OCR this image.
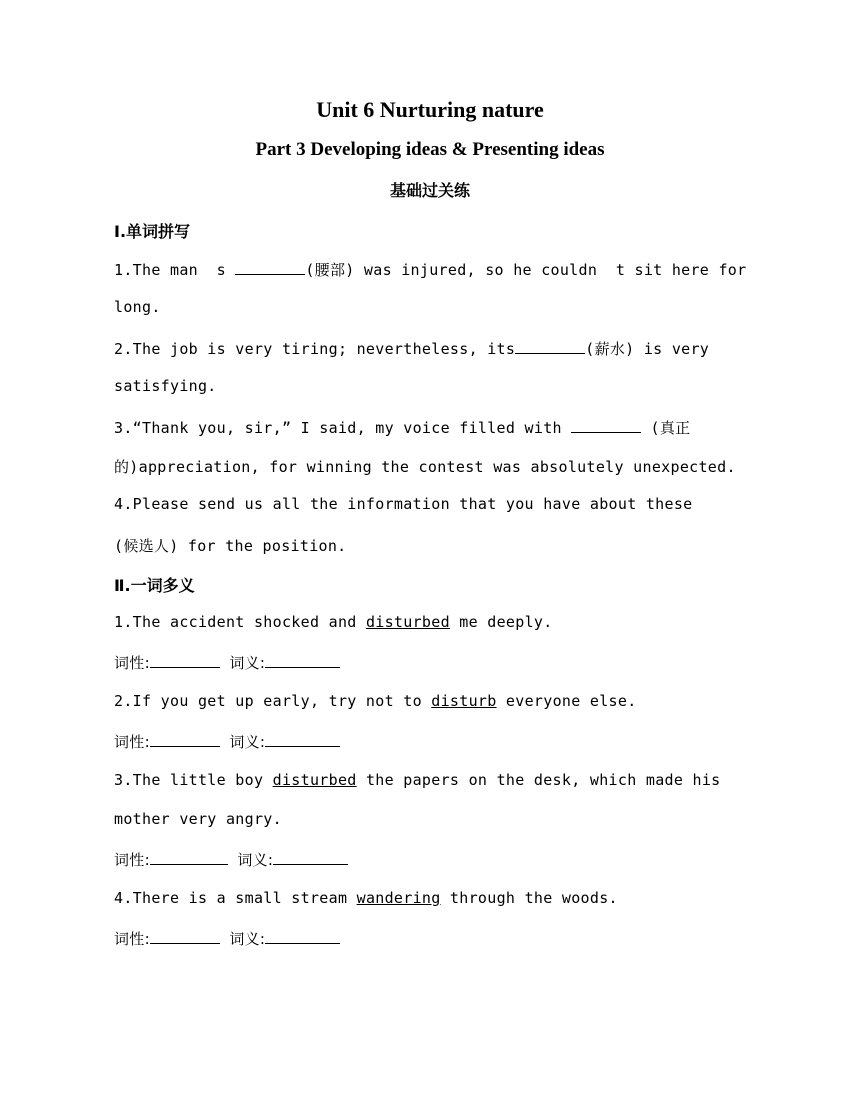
Unit 6 Nurturing nature
Part 3 Developing ideas & Presenting ideas
基础过关练
Ⅰ.单词拼写
1.The man  s	(腰部) was injured, so he couldn  t sit here for
long.
2.The job is very tiring; nevertheless, its	(薪水) is very
satisfying.
3.“Thank you, sir,” I said, my voice filled with	(真正
的)appreciation, for winning the contest was absolutely unexpected.
4.Please send us all the information that you have about these
(候选人) for the position.
Ⅱ.一词多义
1.The accident shocked and disturbed me deeply.
词性:	词义:
2.If you get up early, try not to disturb everyone else.
词性:	词义:
3.The little boy disturbed the papers on the desk, which made his
mother very angry.
词性:	词义:
4.There is a small stream wandering through the woods.
词性:	词义:
